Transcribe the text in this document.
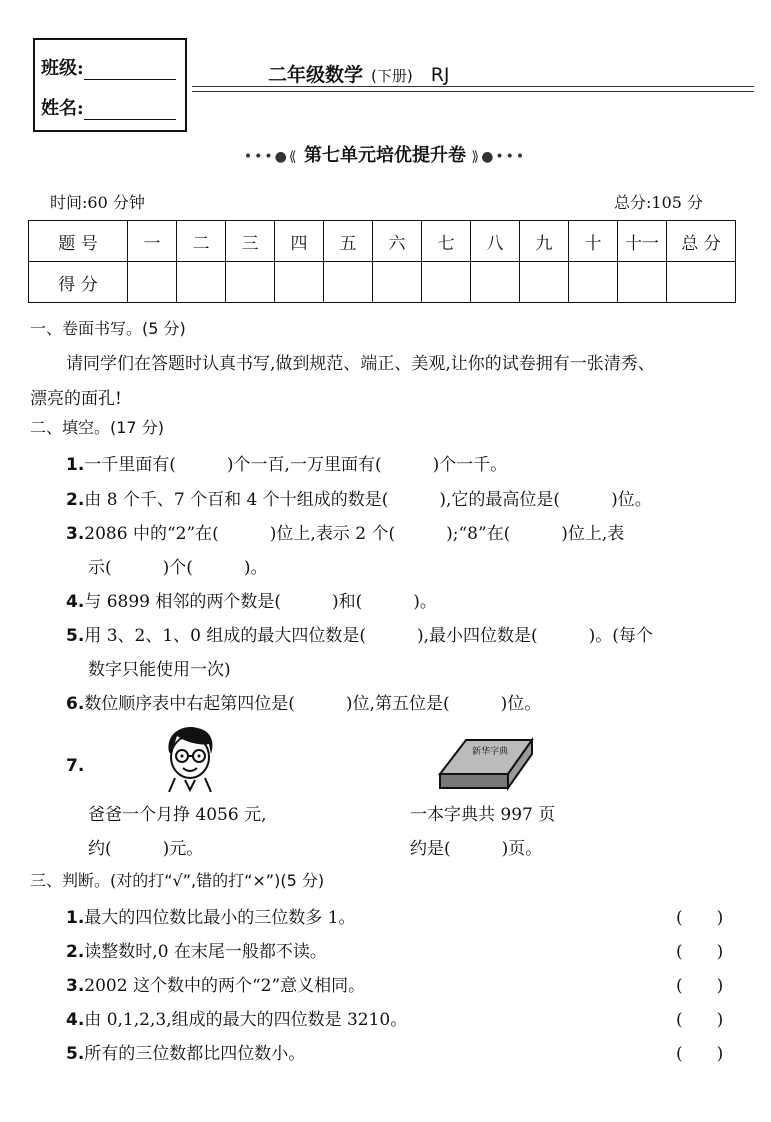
班级:
姓名:
二年级数学 (下册) RJ
•••●⟪ 第七单元培优提升卷 ⟫●•••
时间:60 分钟	总分:105 分
题 号	一	二	三	四	五	六	七	八	九	十	十一	总 分
得 分												
一、卷面书写。(5 分)
请同学们在答题时认真书写,做到规范、端正、美观,让你的试卷拥有一张清秀、
漂亮的面孔!
二、填空。(17 分)
1.一千里面有(　　　)个一百,一万里面有(　　　)个一千。
2.由 8 个千、7 个百和 4 个十组成的数是(　　　),它的最高位是(　　　)位。
3.2086 中的“2”在(　　　)位上,表示 2 个(　　　);“8”在(　　　)位上,表
示(　　　)个(　　　)。
4.与 6899 相邻的两个数是(　　　)和(　　　)。
5.用 3、2、1、0 组成的最大四位数是(　　　),最小四位数是(　　　)。(每个
数字只能使用一次)
6.数位顺序表中右起第四位是(　　　)位,第五位是(　　　)位。
7.
新华字典
爸爸一个月挣 4056 元,
约(　　　)元。
一本字典共 997 页
约是(　　　)页。
三、判断。(对的打“√”,错的打“×”)(5 分)
1.最大的四位数比最小的三位数多 1。	(　　)
2.读整数时,0 在末尾一般都不读。	(　　)
3.2002 这个数中的两个“2”意义相同。	(　　)
4.由 0,1,2,3,组成的最大的四位数是 3210。	(　　)
5.所有的三位数都比四位数小。	(　　)
